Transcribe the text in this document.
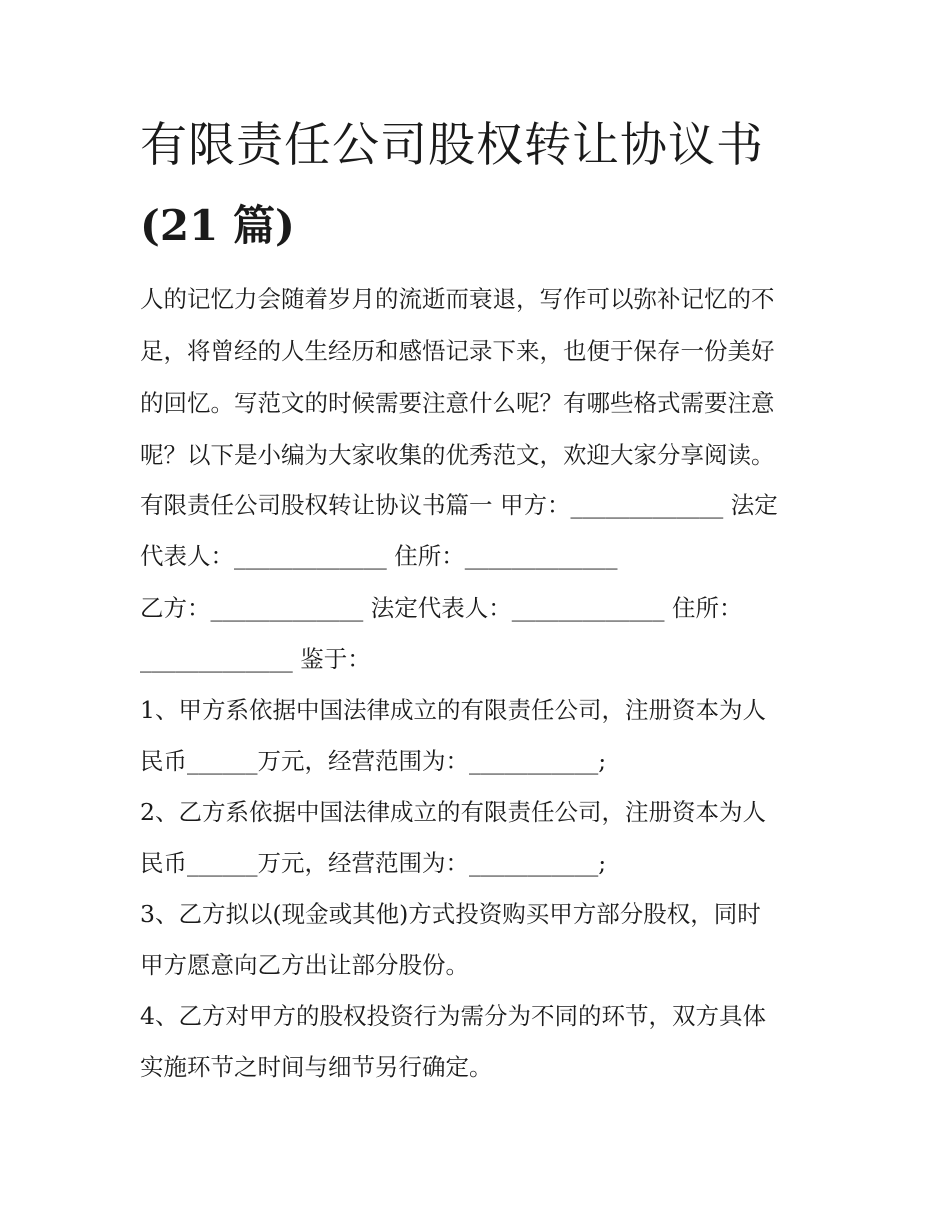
有限责任公司股权转让协议书
(21 篇)

人的记忆力会随着岁月的流逝而衰退，写作可以弥补记忆的不

足，将曾经的人生经历和感悟记录下来，也便于保存一份美好

的回忆。写范文的时候需要注意什么呢？有哪些格式需要注意

呢？以下是小编为大家收集的优秀范文，欢迎大家分享阅读。

有限责任公司股权转让协议书篇一 甲方：_____________ 法定

代表人：_____________ 住所：_____________

乙方：_____________ 法定代表人：_____________ 住所：

_____________ 鉴于：

1、甲方系依据中国法律成立的有限责任公司，注册资本为人

民币______万元，经营范围为：___________;

2、乙方系依据中国法律成立的有限责任公司，注册资本为人

民币______万元，经营范围为：___________;

3、乙方拟以(现金或其他)方式投资购买甲方部分股权，同时

甲方愿意向乙方出让部分股份。

4、乙方对甲方的股权投资行为需分为不同的环节，双方具体

实施环节之时间与细节另行确定。
